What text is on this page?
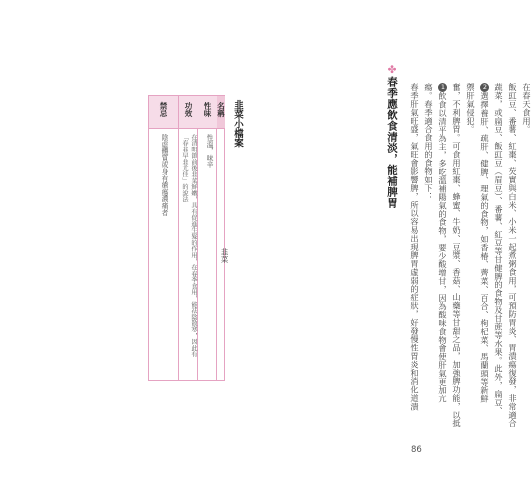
✤春季應飲食清淡，能補脾胃 春季肝氣旺盛，氣旺會影響脾，所以容易出現脾胃虛弱的症狀，好發慢性胃炎和消化道潰 瘍。春季適合食用的食物如下： 1飲食以清平為主，多吃溫補陽氣的食物，要少酸增甘，因為酸味食物會使肝氣更加亢 奮，不利脾胃。可食用紅棗、蜂蜜、牛奶、豆漿、香菇、山藥等甘甜之品，加強脾功能，以抵 禦肝氣侵犯。 2選擇養肝、疏肝、健脾、理氣的食物，如香椿、薺菜、百合、枸杞菜、馬蘭頭等新鮮 蔬菜，或扁豆、飯豇豆（眉豆）、番薯、紅豆等甘健脾的食物及甘蔗等水果。此外，扁豆、 飯豇豆、番薯、紅棗、芡實與白米、小米一起煮粥食用，可預防胃炎、胃潰瘍復發，非常適合 在春天食用。
韭菜小檔案
名稱
性味
性溫，味辛
功效
在清明節前後韭菜鮮嫩，具有促進生髮的作用，在春季食用，能祛陰散寒，因此有
「春韭早韭尤佳」的說法
禁忌
陰虛體質或身有瘡瘍濃痛者
韭菜
86
